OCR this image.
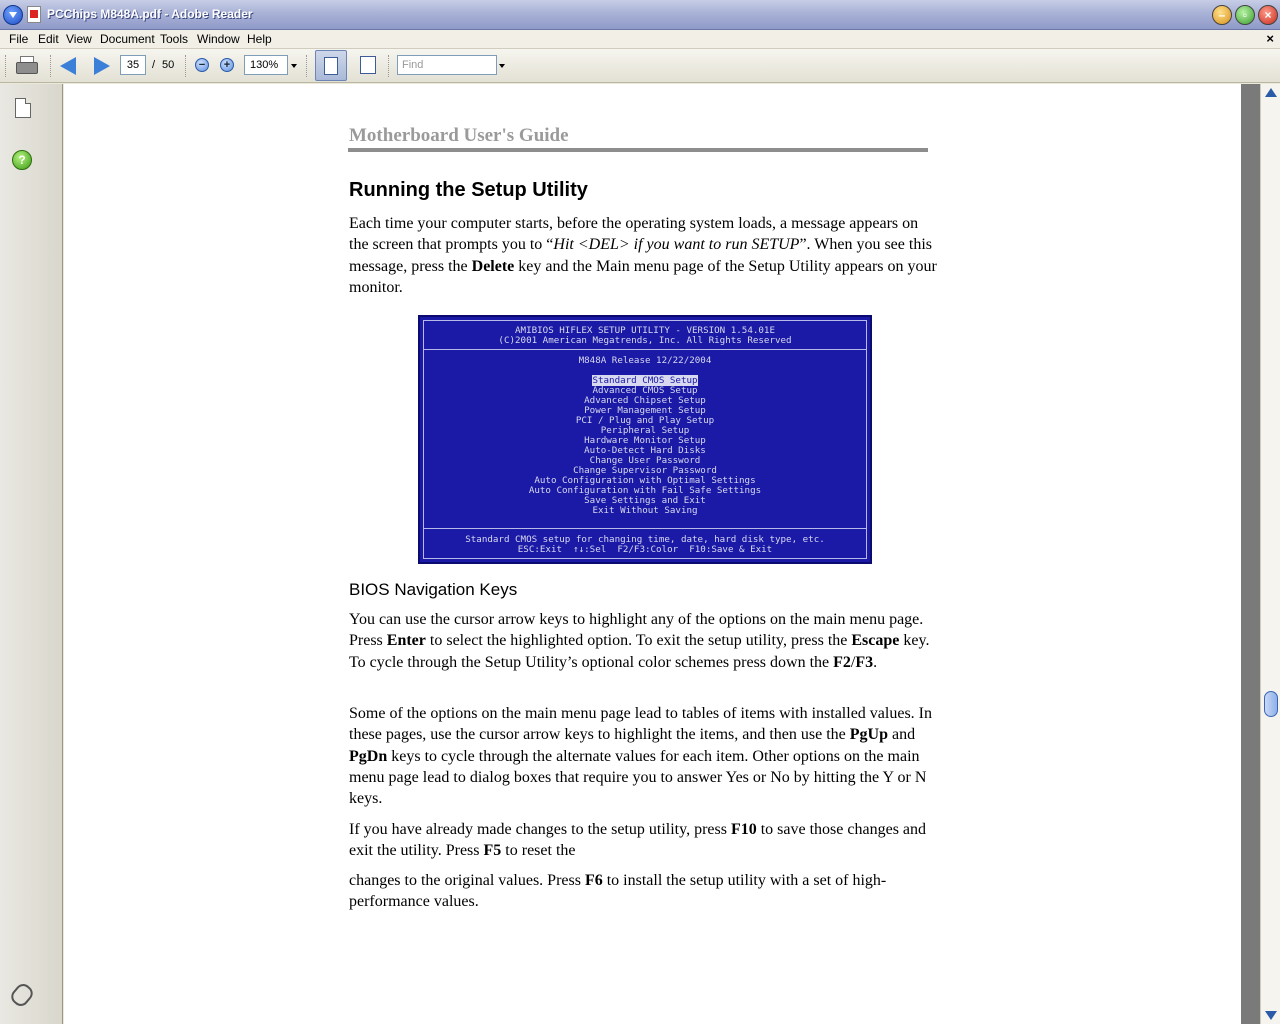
PCChips M848A.pdf - Adobe Reader	–	▫	×
File Edit View Document Tools Window Help	×
35	/ 50 − +	130%	Find
?
Motherboard User's Guide
Running the Setup Utility
Each time your computer starts, before the operating system loads, a message appears on the screen that prompts you to “Hit <DEL> if you want to run SETUP”. When you see this message, press the Delete key and the Main menu page of the Setup Utility appears on your monitor.
AMIBIOS HIFLEX SETUP UTILITY - VERSION 1.54.01E
(C)2001 American Megatrends, Inc. All Rights Reserved
M848A Release 12/22/2004
Standard CMOS Setup
Advanced CMOS Setup
Advanced Chipset Setup
Power Management Setup
PCI / Plug and Play Setup
Peripheral Setup
Hardware Monitor Setup
Auto-Detect Hard Disks
Change User Password
Change Supervisor Password
Auto Configuration with Optimal Settings
Auto Configuration with Fail Safe Settings
Save Settings and Exit
Exit Without Saving
Standard CMOS setup for changing time, date, hard disk type, etc.
ESC:Exit  ↑↓:Sel  F2/F3:Color  F10:Save & Exit
BIOS Navigation Keys
You can use the cursor arrow keys to highlight any of the options on the main menu page. Press Enter to select the highlighted option. To exit the setup utility, press the Escape key. To cycle through the Setup Utility’s optional color schemes press down the F2/F3.
Some of the options on the main menu page lead to tables of items with installed values. In these pages, use the cursor arrow keys to highlight the items, and then use the PgUp and PgDn keys to cycle through the alternate values for each item. Other options on the main menu page lead to dialog boxes that require you to answer Yes or No by hitting the Y or N keys.
If you have already made changes to the setup utility, press F10 to save those changes and exit the utility. Press F5 to reset the
changes to the original values. Press F6 to install the setup utility with a set of high-performance values.
